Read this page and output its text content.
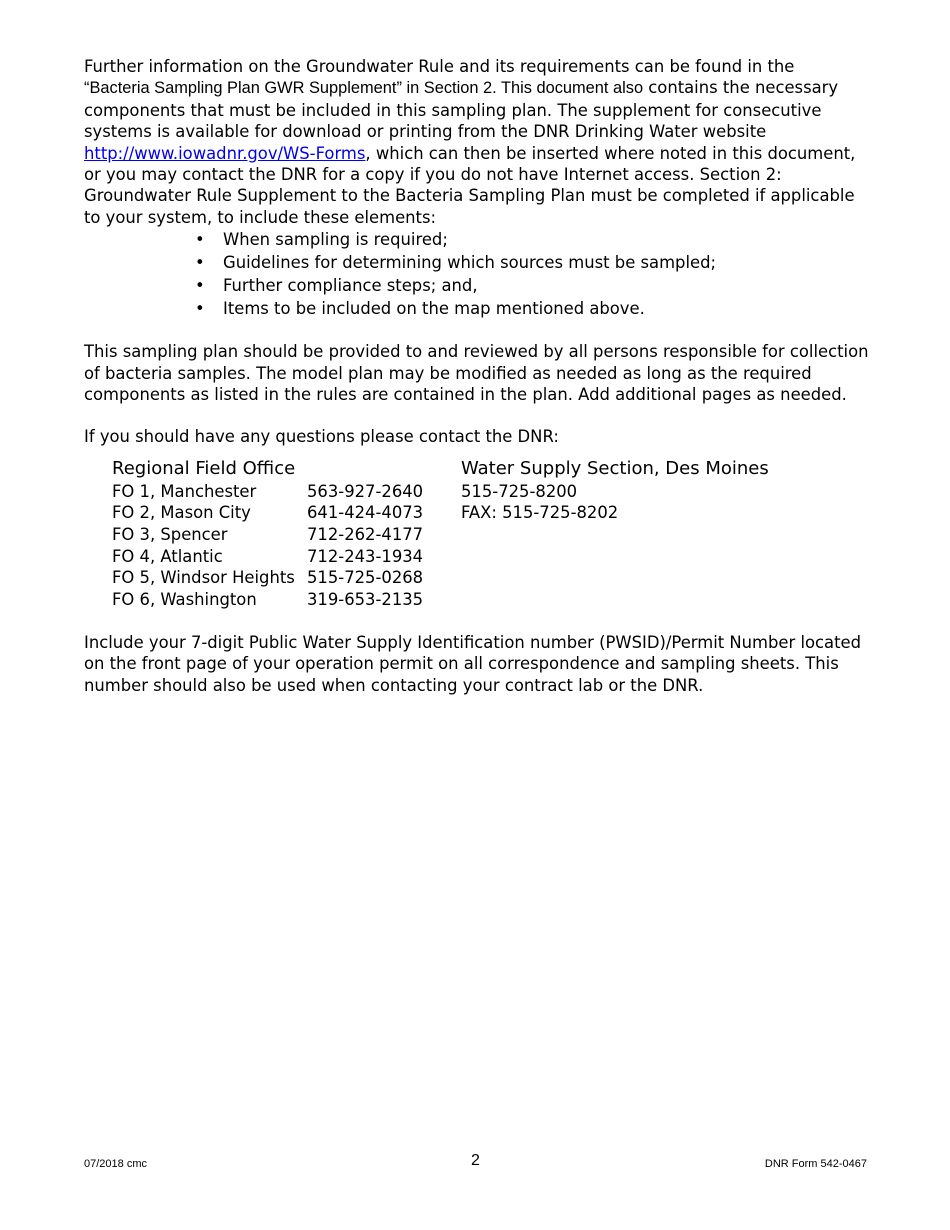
Further information on the Groundwater Rule and its requirements can be found in the
“Bacteria Sampling Plan GWR Supplement” in Section 2. This document also contains the necessary components that must be included in this sampling plan. The supplement for consecutive systems is available for download or printing from the DNR Drinking Water website http://www.iowadnr.gov/WS-Forms, which can then be inserted where noted in this document, or you may contact the DNR for a copy if you do not have Internet access. Section 2: Groundwater Rule Supplement to the Bacteria Sampling Plan must be completed if applicable to your system, to include these elements:

• When sampling is required;
• Guidelines for determining which sources must be sampled;
• Further compliance steps; and,
• Items to be included on the map mentioned above.

This sampling plan should be provided to and reviewed by all persons responsible for collection of bacteria samples. The model plan may be modified as needed as long as the required components as listed in the rules are contained in the plan. Add additional pages as needed.

If you should have any questions please contact the DNR:

Regional Field Office
FO 1, Manchester	563-927-2640
FO 2, Mason City	641-424-4073
FO 3, Spencer	712-262-4177
FO 4, Atlantic	712-243-1934
FO 5, Windsor Heights 515-725-0268
FO 6, Washington	319-653-2135
Water Supply Section, Des Moines
515-725-8200
FAX: 515-725-8202

Include your 7-digit Public Water Supply Identification number (PWSID)/Permit Number located on the front page of your operation permit on all correspondence and sampling sheets. This number should also be used when contacting your contract lab or the DNR.

07/2018 cmc	2	DNR Form 542-0467
